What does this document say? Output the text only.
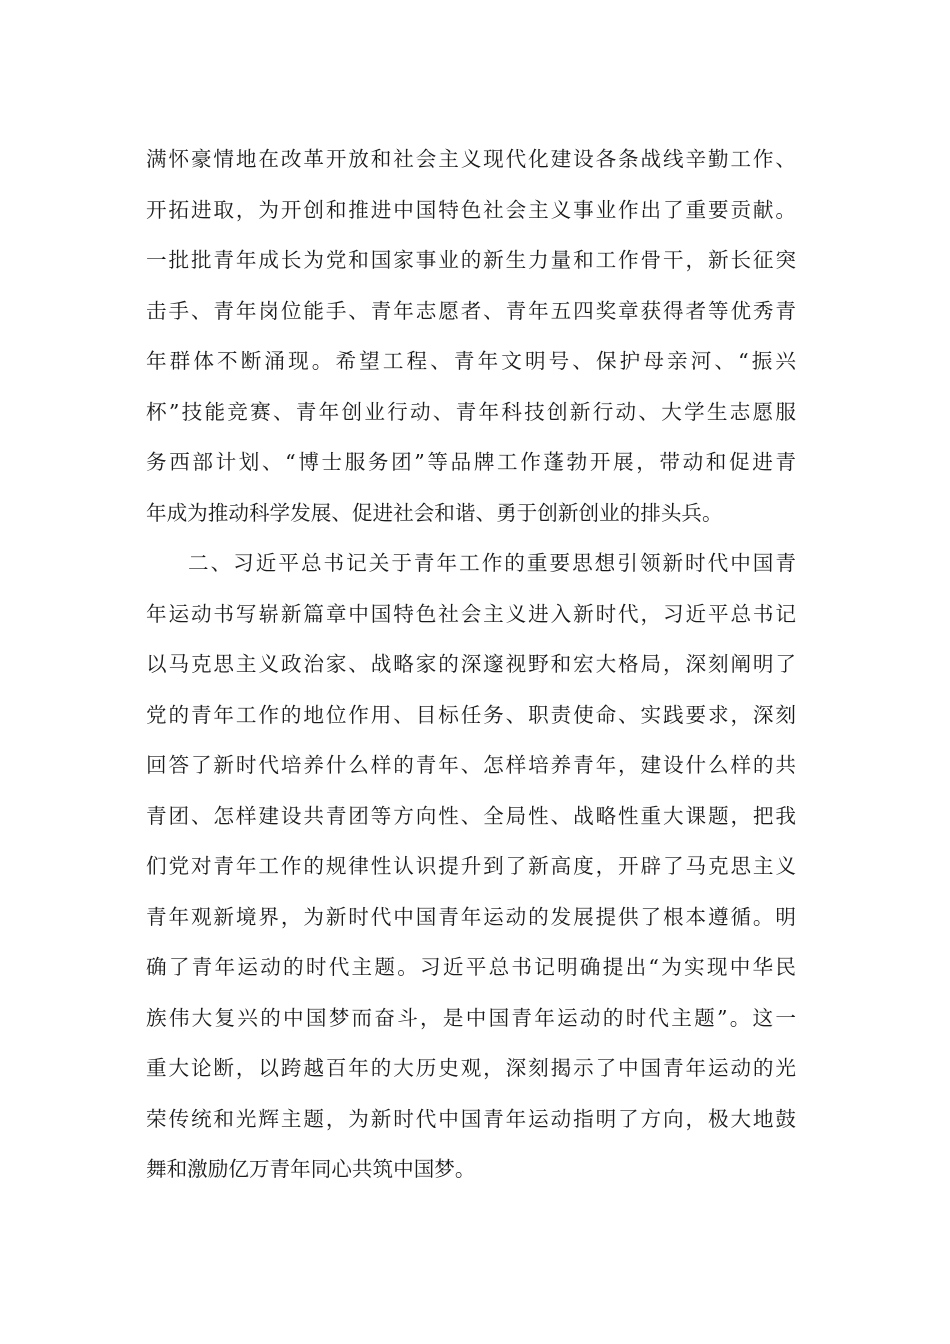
满怀豪情地在改革开放和社会主义现代化建设各条战线辛勤工作、
开拓进取，为开创和推进中国特色社会主义事业作出了重要贡献。
一批批青年成长为党和国家事业的新生力量和工作骨干，新长征突
击手、青年岗位能手、青年志愿者、青年五四奖章获得者等优秀青
年群体不断涌现。希望工程、青年文明号、保护母亲河、“振兴
杯”技能竞赛、青年创业行动、青年科技创新行动、大学生志愿服
务西部计划、“博士服务团”等品牌工作蓬勃开展，带动和促进青
年成为推动科学发展、促进社会和谐、勇于创新创业的排头兵。
二、习近平总书记关于青年工作的重要思想引领新时代中国青
年运动书写崭新篇章中国特色社会主义进入新时代，习近平总书记
以马克思主义政治家、战略家的深邃视野和宏大格局，深刻阐明了
党的青年工作的地位作用、目标任务、职责使命、实践要求，深刻
回答了新时代培养什么样的青年、怎样培养青年，建设什么样的共
青团、怎样建设共青团等方向性、全局性、战略性重大课题，把我
们党对青年工作的规律性认识提升到了新高度，开辟了马克思主义
青年观新境界，为新时代中国青年运动的发展提供了根本遵循。明
确了青年运动的时代主题。习近平总书记明确提出“为实现中华民
族伟大复兴的中国梦而奋斗，是中国青年运动的时代主题”。这一
重大论断，以跨越百年的大历史观，深刻揭示了中国青年运动的光
荣传统和光辉主题，为新时代中国青年运动指明了方向，极大地鼓
舞和激励亿万青年同心共筑中国梦。
